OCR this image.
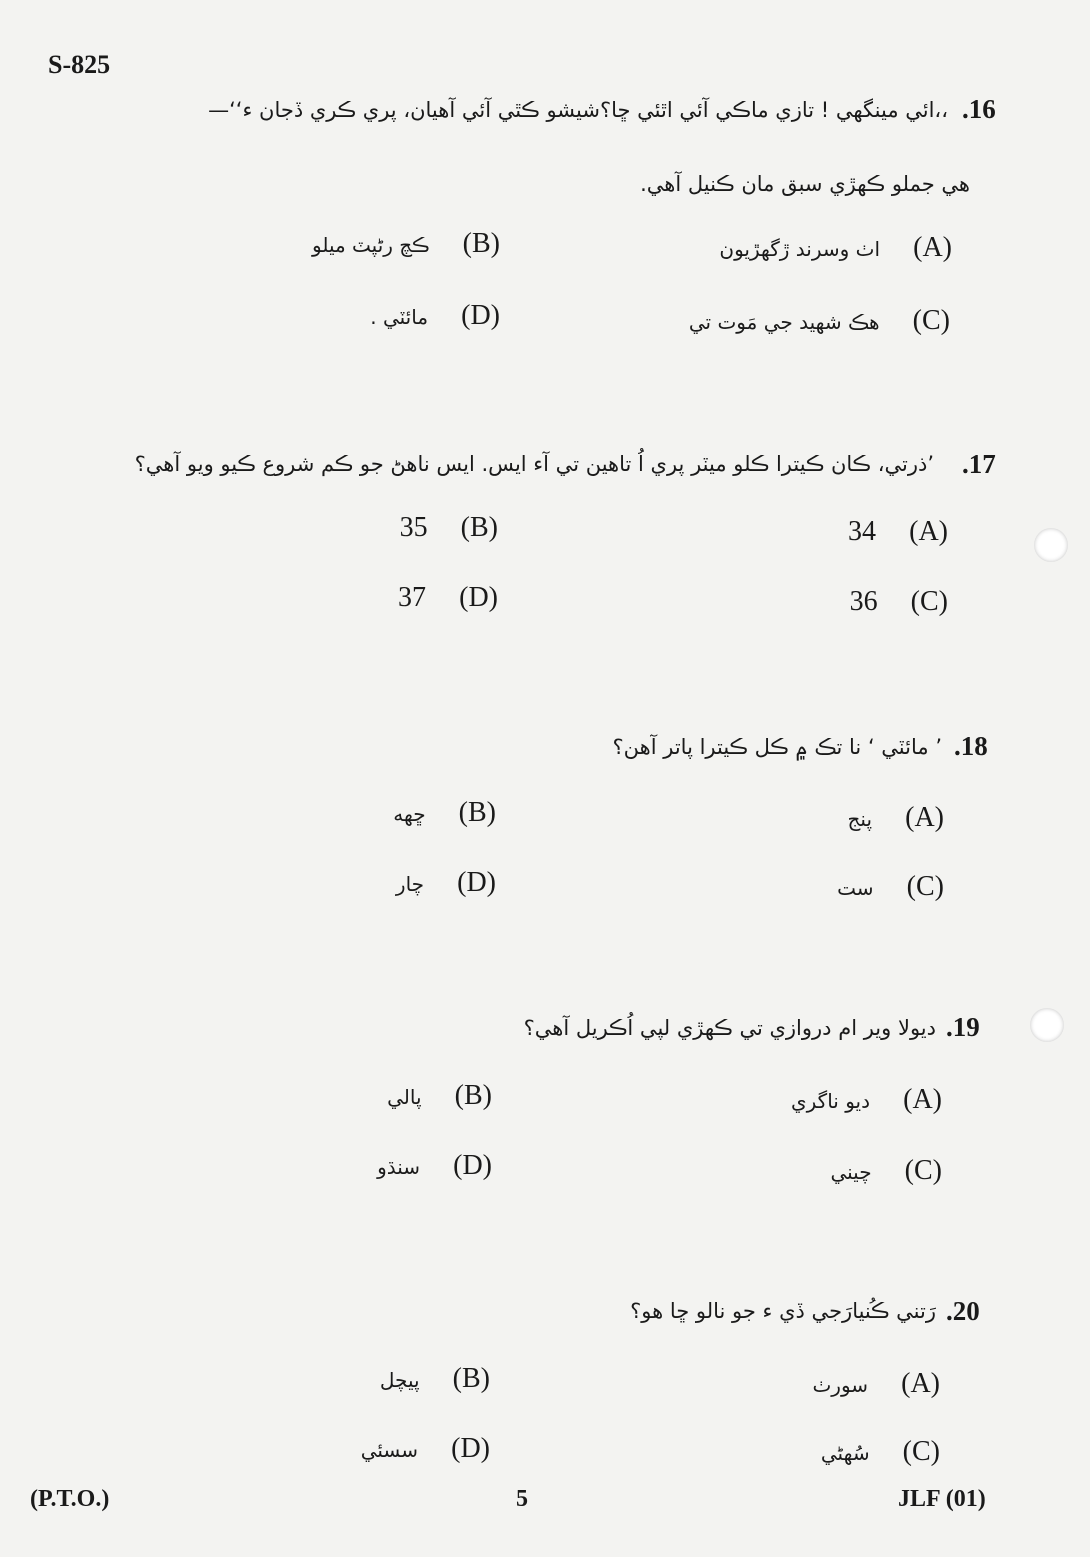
S-825
.16
،،ائي مينگهي ! تازي ماڪي آئي اٿئي ڇا؟شيشو ڪٿي آئي آهيان، پري ڪري ڏجان ء‘‘—
هي جملو ڪهڙي سبق مان ڪنيل آهي.
اٺ وسرند ڙگهڙيون (A)
ڪچ رڻپٽ ميلو (B)
هڪ شهيد جي مَوت تي (C)
مائٽي . (D)
.17
’ذرتي، ڪان ڪيترا ڪلو ميٽر پري اُ تاهين تي آء ايس. ايس ناهڻ جو ڪم شروع ڪيو ويو آهي؟
34 (A)
35 (B)
36 (C)
37 (D)
.18
’ مائٽي ‘ نا تڪ ۾ ڪل ڪيترا پاتر آهن؟
پنج (A)
ڇهه (B)
ست (C)
چار (D)
.19
ديولا وير ام دروازي تي ڪهڙي لپي اُڪريل آهي؟
ديو ناگري (A)
پالي (B)
چيني (C)
سنڌو (D)
.20
رَتني ڪُنيارَجي ڏي ء جو نالو ڇا هو؟
سورٺ (A)
پيچل (B)
سُهڻي (C)
سسئي (D)
(P.T.O.)	5	JLF (01)
